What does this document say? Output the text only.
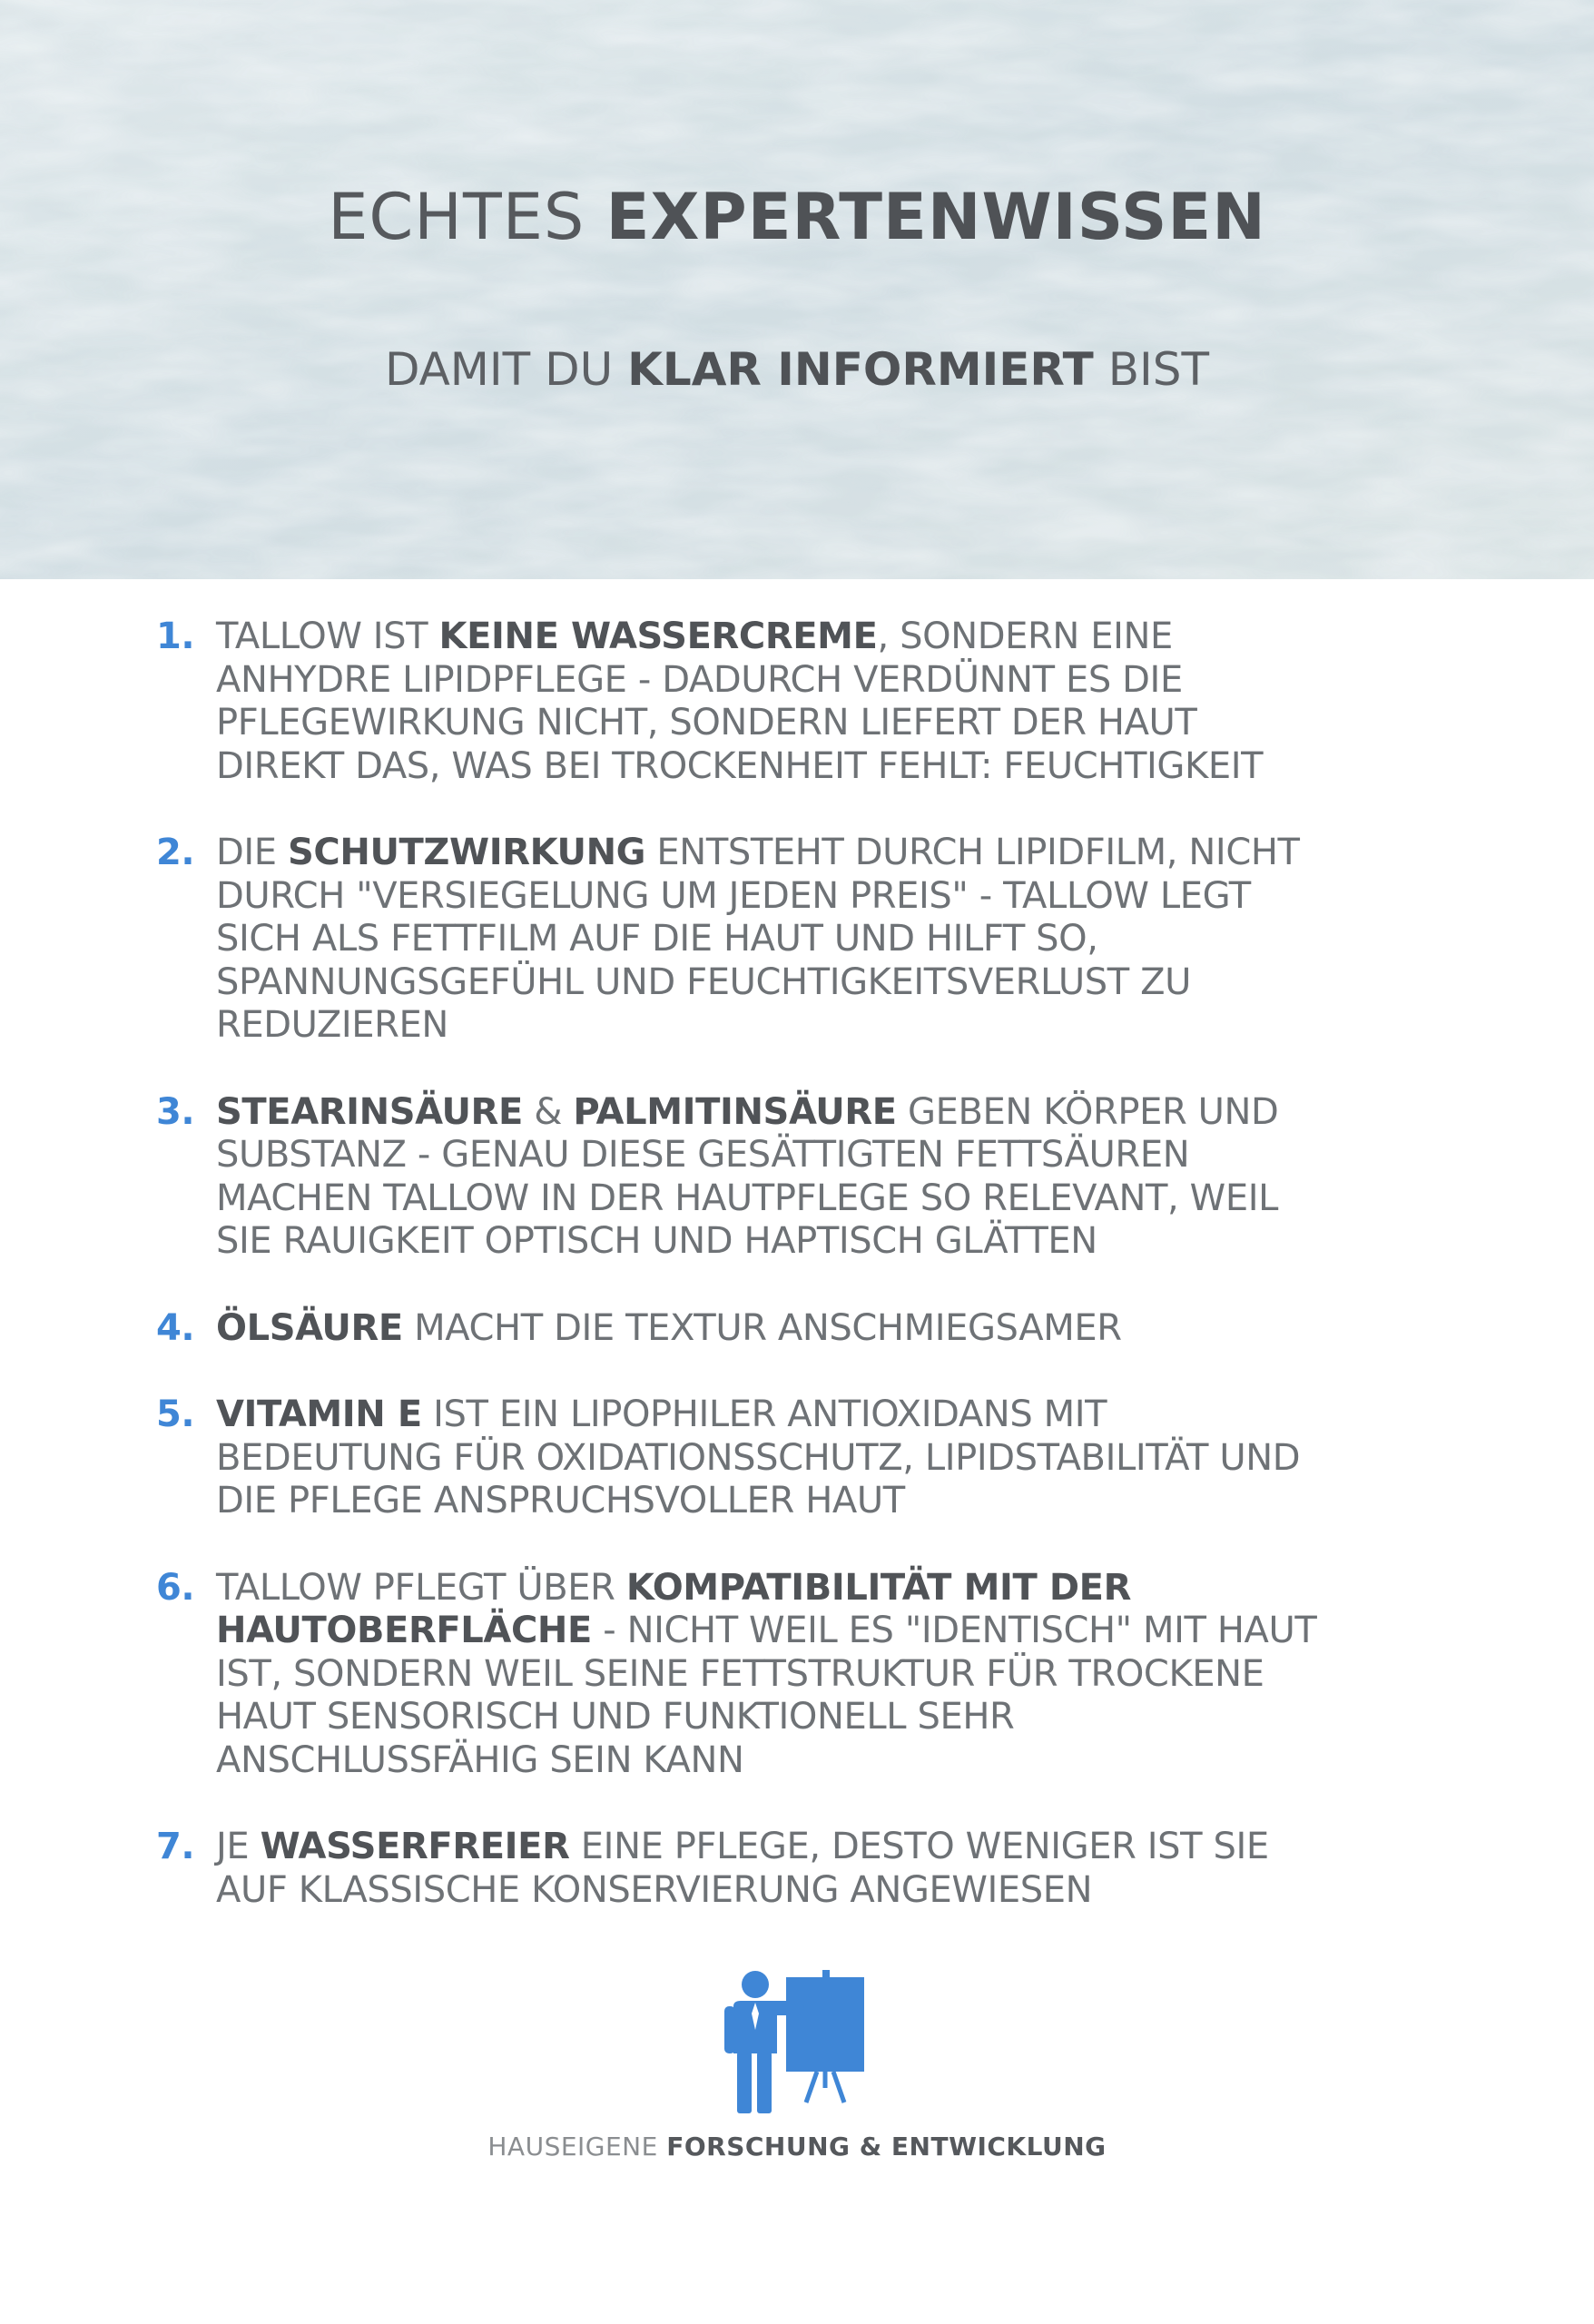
ECHTES EXPERTENWISSEN
DAMIT DU KLAR INFORMIERT BIST
1. TALLOW IST KEINE WASSERCREME, SONDERN EINE
ANHYDRE LIPIDPFLEGE - DADURCH VERDÜNNT ES DIE
PFLEGEWIRKUNG NICHT, SONDERN LIEFERT DER HAUT
DIREKT DAS, WAS BEI TROCKENHEIT FEHLT: FEUCHTIGKEIT
2. DIE SCHUTZWIRKUNG ENTSTEHT DURCH LIPIDFILM, NICHT
DURCH "VERSIEGELUNG UM JEDEN PREIS" - TALLOW LEGT
SICH ALS FETTFILM AUF DIE HAUT UND HILFT SO,
SPANNUNGSGEFÜHL UND FEUCHTIGKEITSVERLUST ZU
REDUZIEREN
3. STEARINSÄURE & PALMITINSÄURE GEBEN KÖRPER UND
SUBSTANZ - GENAU DIESE GESÄTTIGTEN FETTSÄUREN
MACHEN TALLOW IN DER HAUTPFLEGE SO RELEVANT, WEIL
SIE RAUIGKEIT OPTISCH UND HAPTISCH GLÄTTEN
4. ÖLSÄURE MACHT DIE TEXTUR ANSCHMIEGSAMER
5. VITAMIN E IST EIN LIPOPHILER ANTIOXIDANS MIT
BEDEUTUNG FÜR OXIDATIONSSCHUTZ, LIPIDSTABILITÄT UND
DIE PFLEGE ANSPRUCHSVOLLER HAUT
6. TALLOW PFLEGT ÜBER KOMPATIBILITÄT MIT DER
HAUTOBERFLÄCHE - NICHT WEIL ES "IDENTISCH" MIT HAUT
IST, SONDERN WEIL SEINE FETTSTRUKTUR FÜR TROCKENE
HAUT SENSORISCH UND FUNKTIONELL SEHR
ANSCHLUSSFÄHIG SEIN KANN
7. JE WASSERFREIER EINE PFLEGE, DESTO WENIGER IST SIE
AUF KLASSISCHE KONSERVIERUNG ANGEWIESEN
HAUSEIGENE FORSCHUNG & ENTWICKLUNG
